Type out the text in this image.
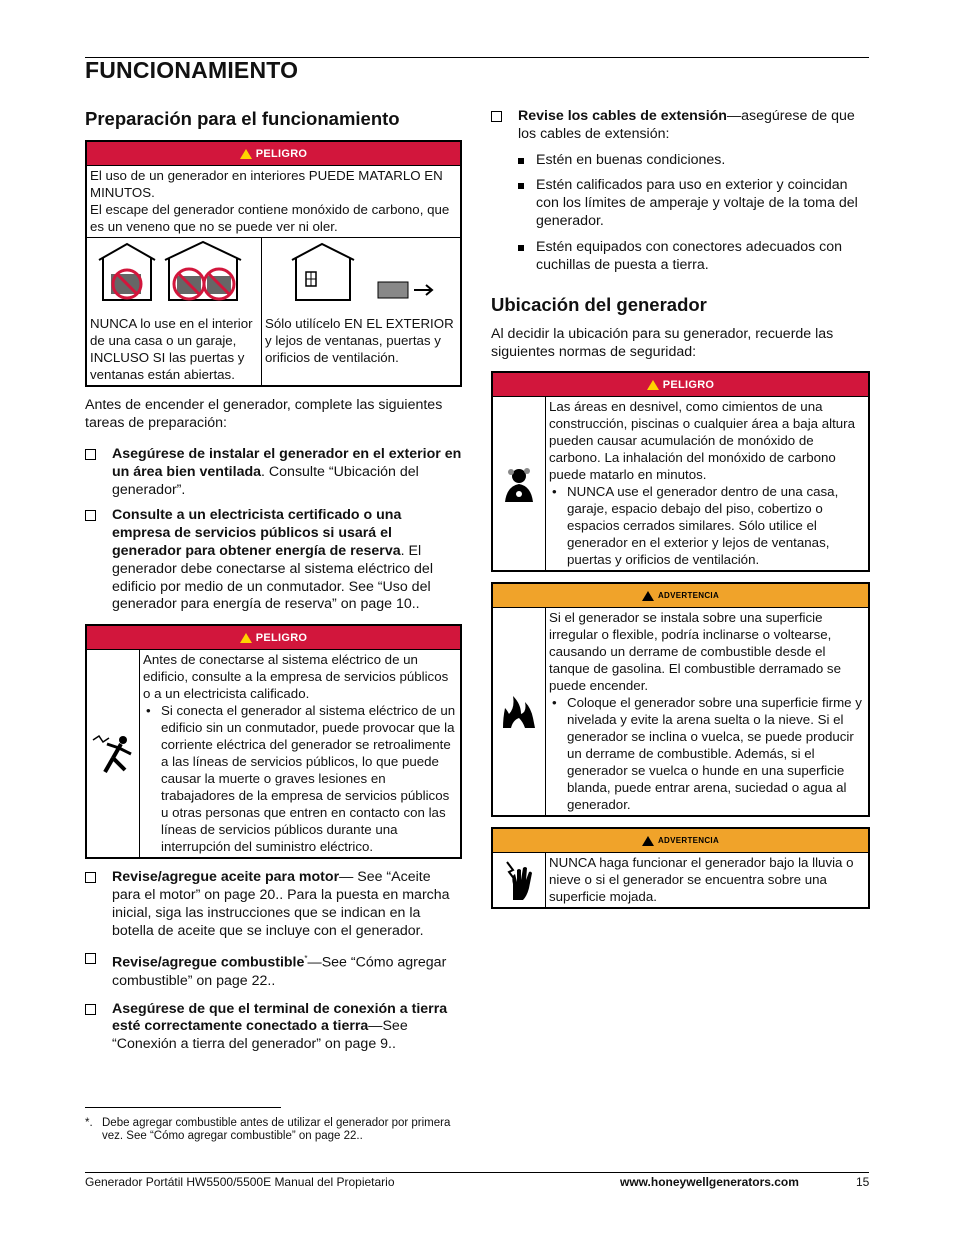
FUNCIONAMIENTO
Preparación para el funcionamiento
PELIGRO
El uso de un generador en interiores PUEDE MATARLO EN MINUTOS.
El escape del generador contiene monóxido de carbono, que es un veneno que no se puede ver ni oler.
NUNCA lo use en el interior de una casa o un garaje, INCLUSO SI las puertas y ventanas están abiertas.
Sólo utilícelo EN EL EXTERIOR y lejos de ventanas, puertas y orificios de ventilación.

Antes de encender el generador, complete las siguientes tareas de preparación:

Asegúrese de instalar el generador en el exterior en un área bien ventilada. Consulte “Ubicación del generador”.
Consulte a un electricista certificado o una empresa de servicios públicos si usará el generador para obtener energía de reserva. El generador debe conectarse al sistema eléctrico del edificio por medio de un conmutador. See “Uso del generador para energía de reserva” on page 10..
PELIGRO
Antes de conectarse al sistema eléctrico de un edificio, consulte a la empresa de servicios públicos o a un electricista calificado.
• Si conecta el generador al sistema eléctrico de un edificio sin un conmutador, puede provocar que la corriente eléctrica del generador se retroalimente a las líneas de servicios públicos, lo que puede causar la muerte o graves lesiones en trabajadores de la empresa de servicios públicos u otras personas que entren en contacto con las líneas de servicios públicos durante una interrupción del suministro eléctrico.
Revise/agregue aceite para motor— See “Aceite para el motor” on page 20.. Para la puesta en marcha inicial, siga las instrucciones que se indican en la botella de aceite que se incluye con el generador.
Revise/agregue combustible*—See “Cómo agregar combustible” on page 22..
Asegúrese de que el terminal de conexión a tierra esté correctamente conectado a tierra—See “Conexión a tierra del generador” on page 9..
Revise los cables de extensión—asegúrese de que los cables de extensión:
Estén en buenas condiciones.
Estén calificados para uso en exterior y coincidan con los límites de amperaje y voltaje de la toma del generador.
Estén equipados con conectores adecuados con cuchillas de puesta a tierra.
Ubicación del generador

Al decidir la ubicación para su generador, recuerde las siguientes normas de seguridad:

PELIGRO
Las áreas en desnivel, como cimientos de una construcción, piscinas o cualquier área a baja altura pueden causar acumulación de monóxido de carbono. La inhalación del monóxido de carbono puede matarlo en minutos.
• NUNCA use el generador dentro de una casa, garaje, espacio debajo del piso, cobertizo o espacios cerrados similares. Sólo utilice el generador en el exterior y lejos de ventanas, puertas y orificios de ventilación.
ADVERTENCIA
Si el generador se instala sobre una superficie irregular o flexible, podría inclinarse o voltearse, causando un derrame de combustible desde el tanque de gasolina. El combustible derramado se puede encender.
• Coloque el generador sobre una superficie firme y nivelada y evite la arena suelta o la nieve. Si el generador se inclina o vuelca, se puede producir un derrame de combustible. Además, si el generador se vuelca o hunde en una superficie blanda, puede entrar arena, suciedad o agua al generador.
ADVERTENCIA
NUNCA haga funcionar el generador bajo la lluvia o nieve o si el generador se encuentra sobre una superficie mojada.
*. Debe agregar combustible antes de utilizar el generador por primera vez. See “Cómo agregar combustible” on page 22..
Generador Portátil HW5500/5500E Manual del Propietario	www.honeywellgenerators.com	15
